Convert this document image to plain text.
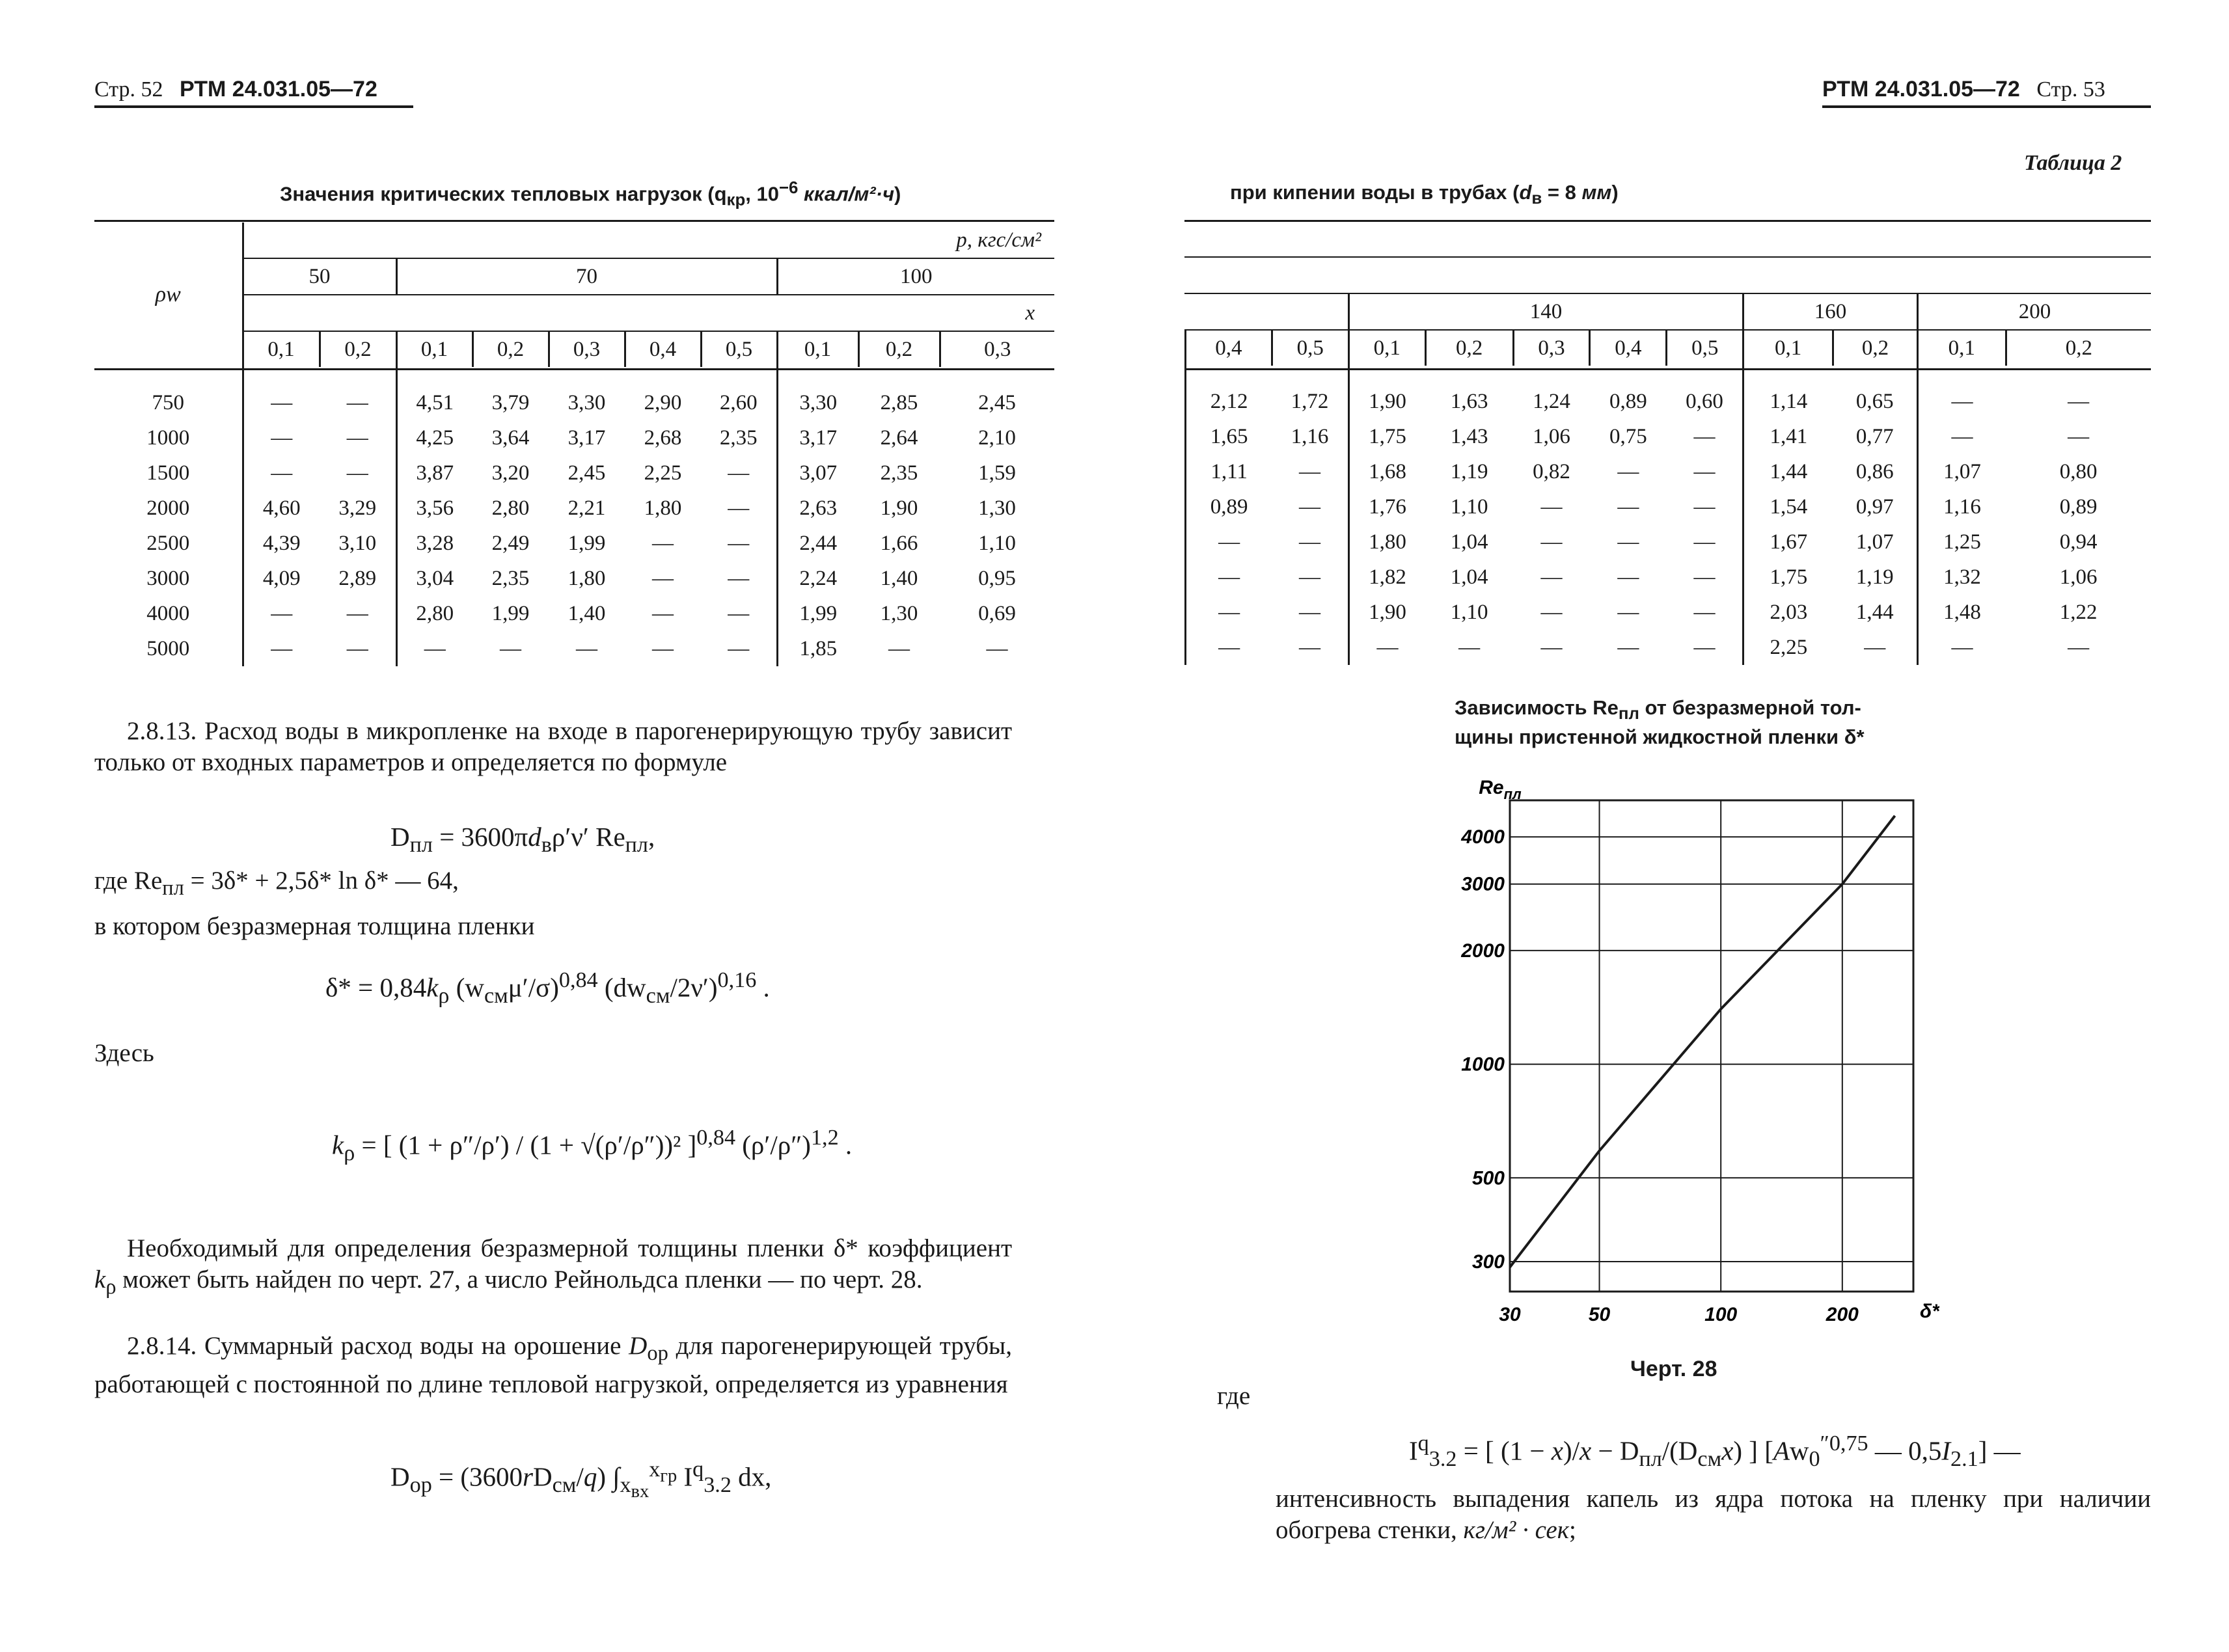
Стр. 52 РТМ 24.031.05—72
Значения критических тепловых нагрузок ($q_{кр}$, $10^{-6}$ ккал/м²·ч)
ρw	p, кгс/см²									
	50		70					100		
	x									
	0,1	0,2	0,1	0,2	0,3	0,4	0,5	0,1	0,2	0,3
750	—	—	4,51	3,79	3,30	2,90	2,60	3,30	2,85	2,45
1000	—	—	4,25	3,64	3,17	2,68	2,35	3,17	2,64	2,10
1500	—	—	3,87	3,20	2,45	2,25	—	3,07	2,35	1,59
2000	4,60	3,29	3,56	2,80	2,21	1,80	—	2,63	1,90	1,30
2500	4,39	3,10	3,28	2,49	1,99	—	—	2,44	1,66	1,10
3000	4,09	2,89	3,04	2,35	1,80	—	—	2,24	1,40	0,95
4000	—	—	2,80	1,99	1,40	—	—	1,99	1,30	0,69
5000	—	—	—	—	—	—	—	1,85	—	—
2.8.13. Расход воды в микропленке на входе в парогенерирующую трубу зависит только от входных параметров и определяется по формуле
$D_{пл} = 3600\pi d_в\rho'\nu'$ $Re_{пл}$,
где $Re_{пл} = 3\delta* + 2,5\delta*$ ln δ* — 64,
в котором безразмерная толщина пленки
$\delta* = 0,84k_\rho$ $(w_{см}\mu'/\sigma)^{0,84}$ $(dw_{см}/2\nu')^{0,16}$ .
Здесь
$k_\rho$ = [ (1 + ρ″/ρ′) / (1 + √(ρ′/ρ″))² ]$^{0,84}$ $(\rho'/\rho'')^{1,2}$ .
Необходимый для определения безразмерной толщины пленки δ* коэффициент $k_\rho$ может быть найден по черт. 27, а число Рейнольдса пленки — по черт. 28.
2.8.14. Суммарный расход воды на орошение $D_{ор}$ для парогенерирующей трубы, работающей с постоянной по длине тепловой нагрузкой, определяется из уравнения
$D_{ор} = (3600rD_{см}/q)$ $\int_{x_{вх}}^{x_{гр}}$ $I^q_{3.2}$ dx,
РТМ 24.031.05—72 Стр. 53
Таблица 2
при кипении воды в трубах ($d_в = 8$ мм)
		140					160		200	
0,4	0,5	0,1	0,2	0,3	0,4	0,5	0,1	0,2	0,1	0,2
2,12	1,72	1,90	1,63	1,24	0,89	0,60	1,14	0,65	—	—
1,65	1,16	1,75	1,43	1,06	0,75	—	1,41	0,77	—	—
1,11	—	1,68	1,19	0,82	—	—	1,44	0,86	1,07	0,80
0,89	—	1,76	1,10	—	—	—	1,54	0,97	1,16	0,89
—	—	1,80	1,04	—	—	—	1,67	1,07	1,25	0,94
—	—	1,82	1,04	—	—	—	1,75	1,19	1,32	1,06
—	—	1,90	1,10	—	—	—	2,03	1,44	1,48	1,22
—	—	—	—	—	—	—	2,25	—	—	—
Зависимость $Re_{пл}$ от безразмерной тол-
щины пристенной жидкостной пленки δ*
30	50	100	200
300
500
1000
2000
3000
4000
$Re_{пл}$
δ*
Черт. 28
где
$I^q_{3.2}$ = [ $(1 - x)/x - D_{пл}/(D_{см}x)$ ] [$Aw_0^{''0,75}$ — $0,5I_{2.1}$] —
интенсивность выпадения капель из ядра потока на пленку при наличии обогрева стенки, кг/м² · сек;
